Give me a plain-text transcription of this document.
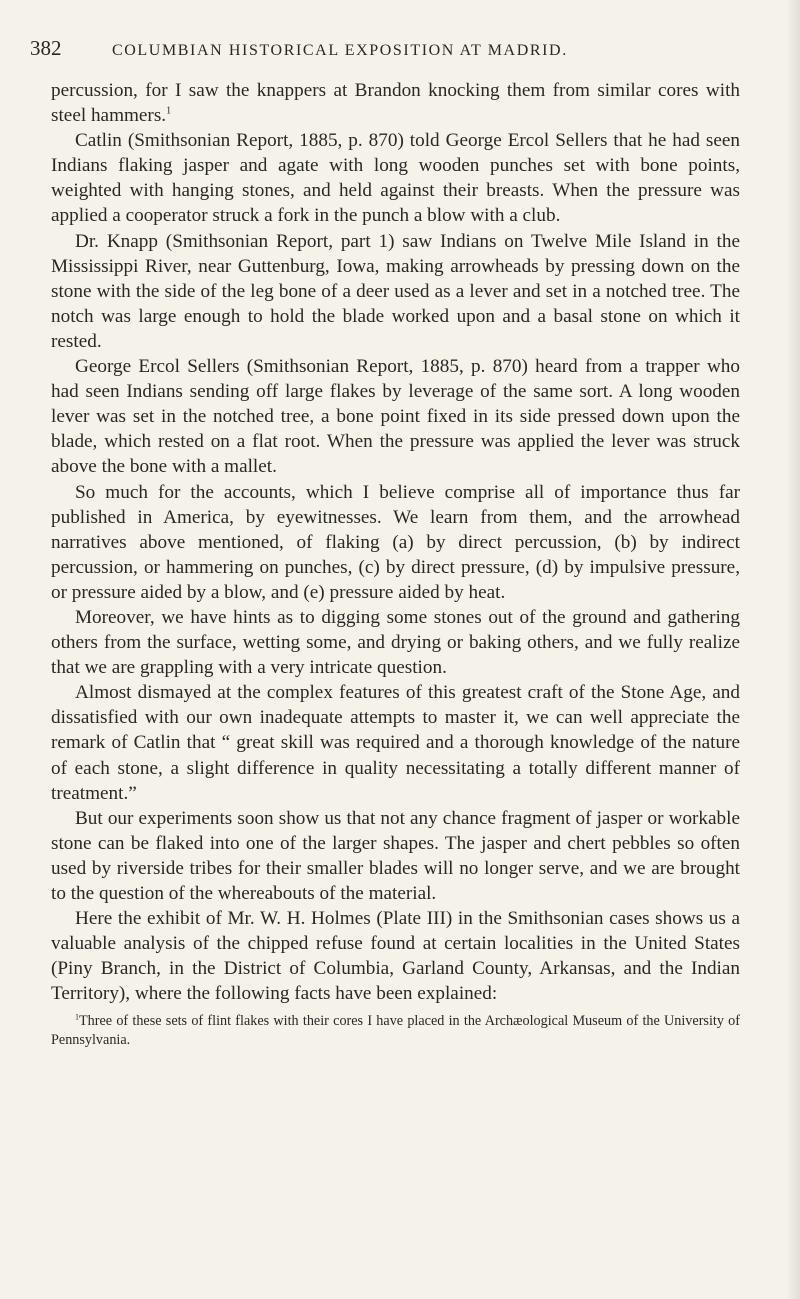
382	COLUMBIAN HISTORICAL EXPOSITION AT MADRID.

percussion, for I saw the knappers at Brandon knocking them from similar cores with steel hammers.$^1$

Catlin (Smithsonian Report, 1885, p. 870) told George Ercol Sellers that he had seen Indians flaking jasper and agate with long wooden punches set with bone points, weighted with hanging stones, and held against their breasts. When the pressure was applied a cooperator struck a fork in the punch a blow with a club.

Dr. Knapp (Smithsonian Report, part 1) saw Indians on Twelve Mile Island in the Mississippi River, near Guttenburg, Iowa, making arrowheads by pressing down on the stone with the side of the leg bone of a deer used as a lever and set in a notched tree. The notch was large enough to hold the blade worked upon and a basal stone on which it rested.

George Ercol Sellers (Smithsonian Report, 1885, p. 870) heard from a trapper who had seen Indians sending off large flakes by leverage of the same sort. A long wooden lever was set in the notched tree, a bone point fixed in its side pressed down upon the blade, which rested on a flat root. When the pressure was applied the lever was struck above the bone with a mallet.

So much for the accounts, which I believe comprise all of importance thus far published in America, by eyewitnesses. We learn from them, and the arrowhead narratives above mentioned, of flaking (a) by direct percussion, (b) by indirect percussion, or hammering on punches, (c) by direct pressure, (d) by impulsive pressure, or pressure aided by a blow, and (e) pressure aided by heat.

Moreover, we have hints as to digging some stones out of the ground and gathering others from the surface, wetting some, and drying or baking others, and we fully realize that we are grappling with a very intricate question.

Almost dismayed at the complex features of this greatest craft of the Stone Age, and dissatisfied with our own inadequate attempts to master it, we can well appreciate the remark of Catlin that “ great skill was required and a thorough knowledge of the nature of each stone, a slight difference in quality necessitating a totally different manner of treatment.”

But our experiments soon show us that not any chance fragment of jasper or workable stone can be flaked into one of the larger shapes. The jasper and chert pebbles so often used by riverside tribes for their smaller blades will no longer serve, and we are brought to the question of the whereabouts of the material.

Here the exhibit of Mr. W. H. Holmes (Plate III) in the Smithsonian cases shows us a valuable analysis of the chipped refuse found at certain localities in the United States (Piny Branch, in the District of Columbia, Garland County, Arkansas, and the Indian Territory), where the following facts have been explained:

$^1$Three of these sets of flint flakes with their cores I have placed in the Archæological Museum of the University of Pennsylvania.
